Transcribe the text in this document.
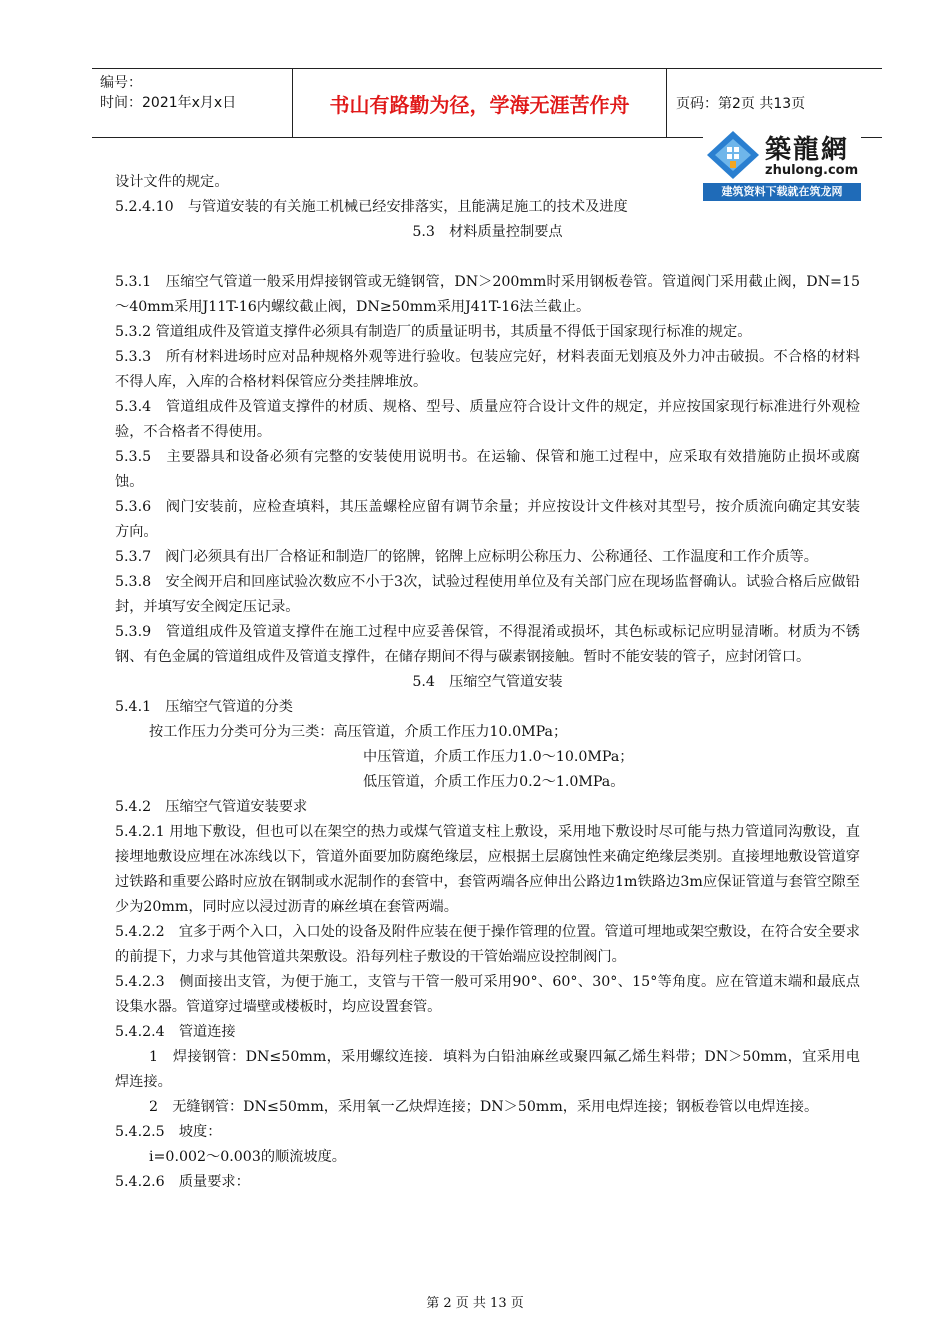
编号：
时间：2021年x月x日	书山有路勤为径，学海无涯苦作舟	页码：第2页 共13页
築龍網
zhulong.com
建筑资料下载就在筑龙网

设计文件的规定。

5.2.4.10　与管道安装的有关施工机械已经安排落实，且能满足施工的技术及进度

5.3　材料质量控制要点

5.3.1　压缩空气管道一般采用焊接钢管或无缝钢管，DN＞200mm时采用钢板卷管。管道阀门采用截止阀，DN=15～40mm采用J11T-16内螺纹截止阀，DN≥50mm采用J41T-16法兰截止。

5.3.2 管道组成件及管道支撑件必须具有制造厂的质量证明书，其质量不得低于国家现行标准的规定。

5.3.3　所有材料进场时应对品种规格外观等进行验收。包装应完好，材料表面无划痕及外力冲击破损。不合格的材料不得人库，入库的合格材料保管应分类挂牌堆放。

5.3.4　管道组成件及管道支撑件的材质、规格、型号、质量应符合设计文件的规定，并应按国家现行标准进行外观检验，不合格者不得使用。

5.3.5　主要器具和设备必须有完整的安装使用说明书。在运输、保管和施工过程中，应采取有效措施防止损坏或腐蚀。

5.3.6　阀门安装前，应检查填料，其压盖螺栓应留有调节余量；并应按设计文件核对其型号，按介质流向确定其安装方向。

5.3.7　阀门必须具有出厂合格证和制造厂的铭牌，铭牌上应标明公称压力、公称通径、工作温度和工作介质等。

5.3.8　安全阀开启和回座试验次数应不小于3次，试验过程使用单位及有关部门应在现场监督确认。试验合格后应做铅封，并填写安全阀定压记录。

5.3.9　管道组成件及管道支撑件在施工过程中应妥善保管，不得混淆或损坏，其色标或标记应明显清晰。材质为不锈钢、有色金属的管道组成件及管道支撑件，在储存期间不得与碳素钢接触。暂时不能安装的管子，应封闭管口。

5.4　压缩空气管道安装

5.4.1　压缩空气管道的分类

按工作压力分类可分为三类：高压管道，介质工作压力10.0MPa；

中压管道，介质工作压力1.0～10.0MPa；

低压管道，介质工作压力0.2～1.0MPa。

5.4.2　压缩空气管道安装要求

5.4.2.1 用地下敷设，但也可以在架空的热力或煤气管道支柱上敷设，采用地下敷设时尽可能与热力管道同沟敷设，直接埋地敷设应埋在冰冻线以下，管道外面要加防腐绝缘层，应根据土层腐蚀性来确定绝缘层类别。直接埋地敷设管道穿过铁路和重要公路时应放在钢制或水泥制作的套管中，套管两端各应伸出公路边1m铁路边3m应保证管道与套管空隙至少为20mm，同时应以浸过沥青的麻丝填在套管两端。

5.4.2.2　宜多于两个入口，入口处的设备及附件应装在便于操作管理的位置。管道可埋地或架空敷设，在符合安全要求的前提下，力求与其他管道共架敷设。沿每列柱子敷设的干管始端应设控制阀门。

5.4.2.3　侧面接出支管，为便于施工，支管与干管一般可采用90°、60°、30°、15°等角度。应在管道末端和最底点设集水器。管道穿过墙壁或楼板时，均应设置套管。

5.4.2.4　管道连接

1　焊接钢管：DN≤50mm，采用螺纹连接．填料为白铅油麻丝或聚四氟乙烯生料带；DN＞50mm，宜采用电焊连接。

2　无缝钢管：DN≤50mm，采用氧一乙炔焊连接；DN＞50mm，采用电焊连接；钢板卷管以电焊连接。

5.4.2.5　坡度：

i=0.002～0.003的顺流坡度。

5.4.2.6　质量要求：

第 2 页 共 13 页
